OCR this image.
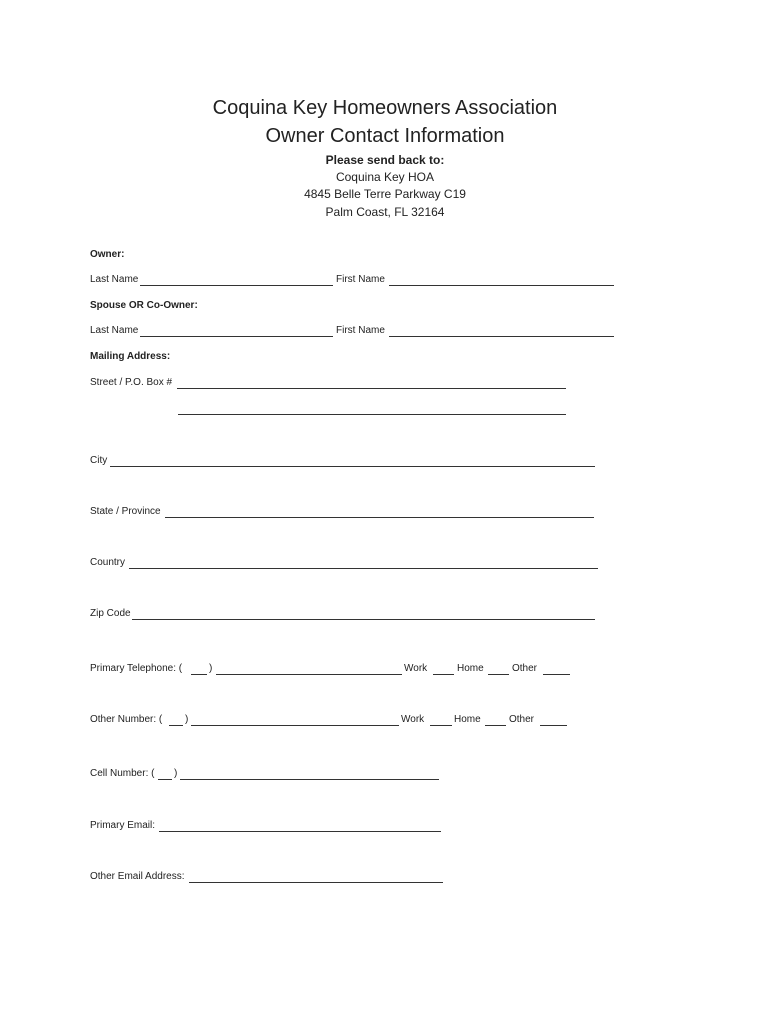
Coquina Key Homeowners Association
Owner Contact Information
Please send back to:
Coquina Key HOA
4845 Belle Terre Parkway C19
Palm Coast, FL 32164
Owner:
Last Name	First Name
Spouse OR Co-Owner:
Last Name	First Name
Mailing Address:
Street / P.O. Box #
City
State / Province
Country
Zip Code
Primary Telephone: (	)	Work	Home	Other
Other Number: ( )	Work	Home	Other
Cell Number: ( )
Primary Email:
Other Email Address:
